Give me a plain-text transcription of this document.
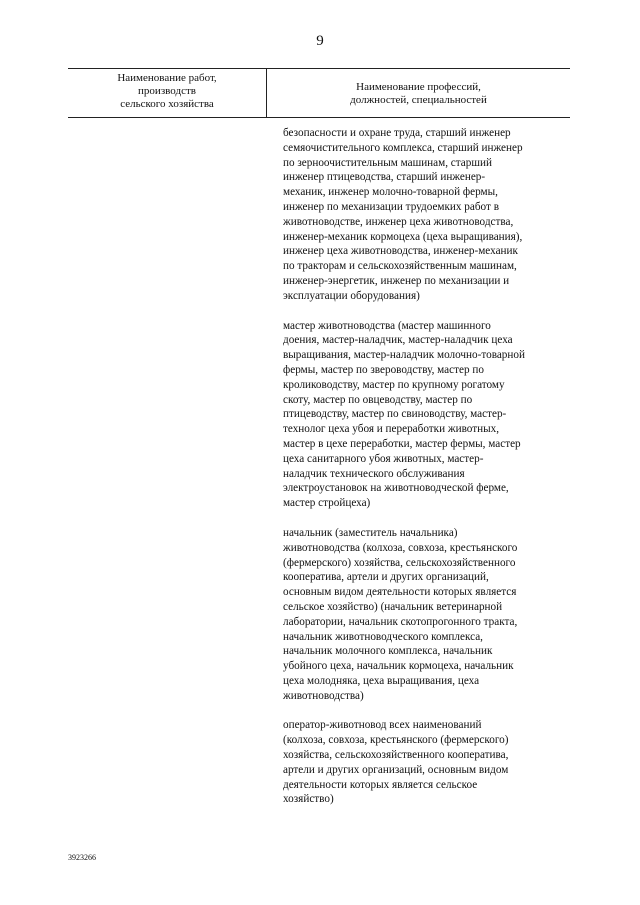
9
Наименование работ,
производств
сельского хозяйства
Наименование профессий,
должностей, специальностей
безопасности и охране труда, старший инженер
семяочистительного комплекса, старший инженер
по зерноочистительным машинам, старший
инженер птицеводства, старший инженер-
механик, инженер молочно-товарной фермы,
инженер по механизации трудоемких работ в
животноводстве, инженер цеха животноводства,
инженер-механик кормоцеха (цеха выращивания),
инженер цеха животноводства, инженер-механик
по тракторам и сельскохозяйственным машинам,
инженер-энергетик, инженер по механизации и
эксплуатации оборудования)
мастер животноводства (мастер машинного
доения, мастер-наладчик, мастер-наладчик цеха
выращивания, мастер-наладчик молочно-товарной
фермы, мастер по звероводству, мастер по
кролиководству, мастер по крупному рогатому
скоту, мастер по овцеводству, мастер по
птицеводству, мастер по свиноводству, мастер-
технолог цеха убоя и переработки животных,
мастер в цехе переработки, мастер фермы, мастер
цеха санитарного убоя животных, мастер-
наладчик технического обслуживания
электроустановок на животноводческой ферме,
мастер стройцеха)
начальник (заместитель начальника)
животноводства (колхоза, совхоза, крестьянского
(фермерского) хозяйства, сельскохозяйственного
кооператива, артели и других организаций,
основным видом деятельности которых является
сельское хозяйство) (начальник ветеринарной
лаборатории, начальник скотопрогонного тракта,
начальник животноводческого комплекса,
начальник молочного комплекса, начальник
убойного цеха, начальник кормоцеха, начальник
цеха молодняка, цеха выращивания, цеха
животноводства)
оператор-животновод всех наименований
(колхоза, совхоза, крестьянского (фермерского)
хозяйства, сельскохозяйственного кооператива,
артели и других организаций, основным видом
деятельности которых является сельское
хозяйство)
3923266
